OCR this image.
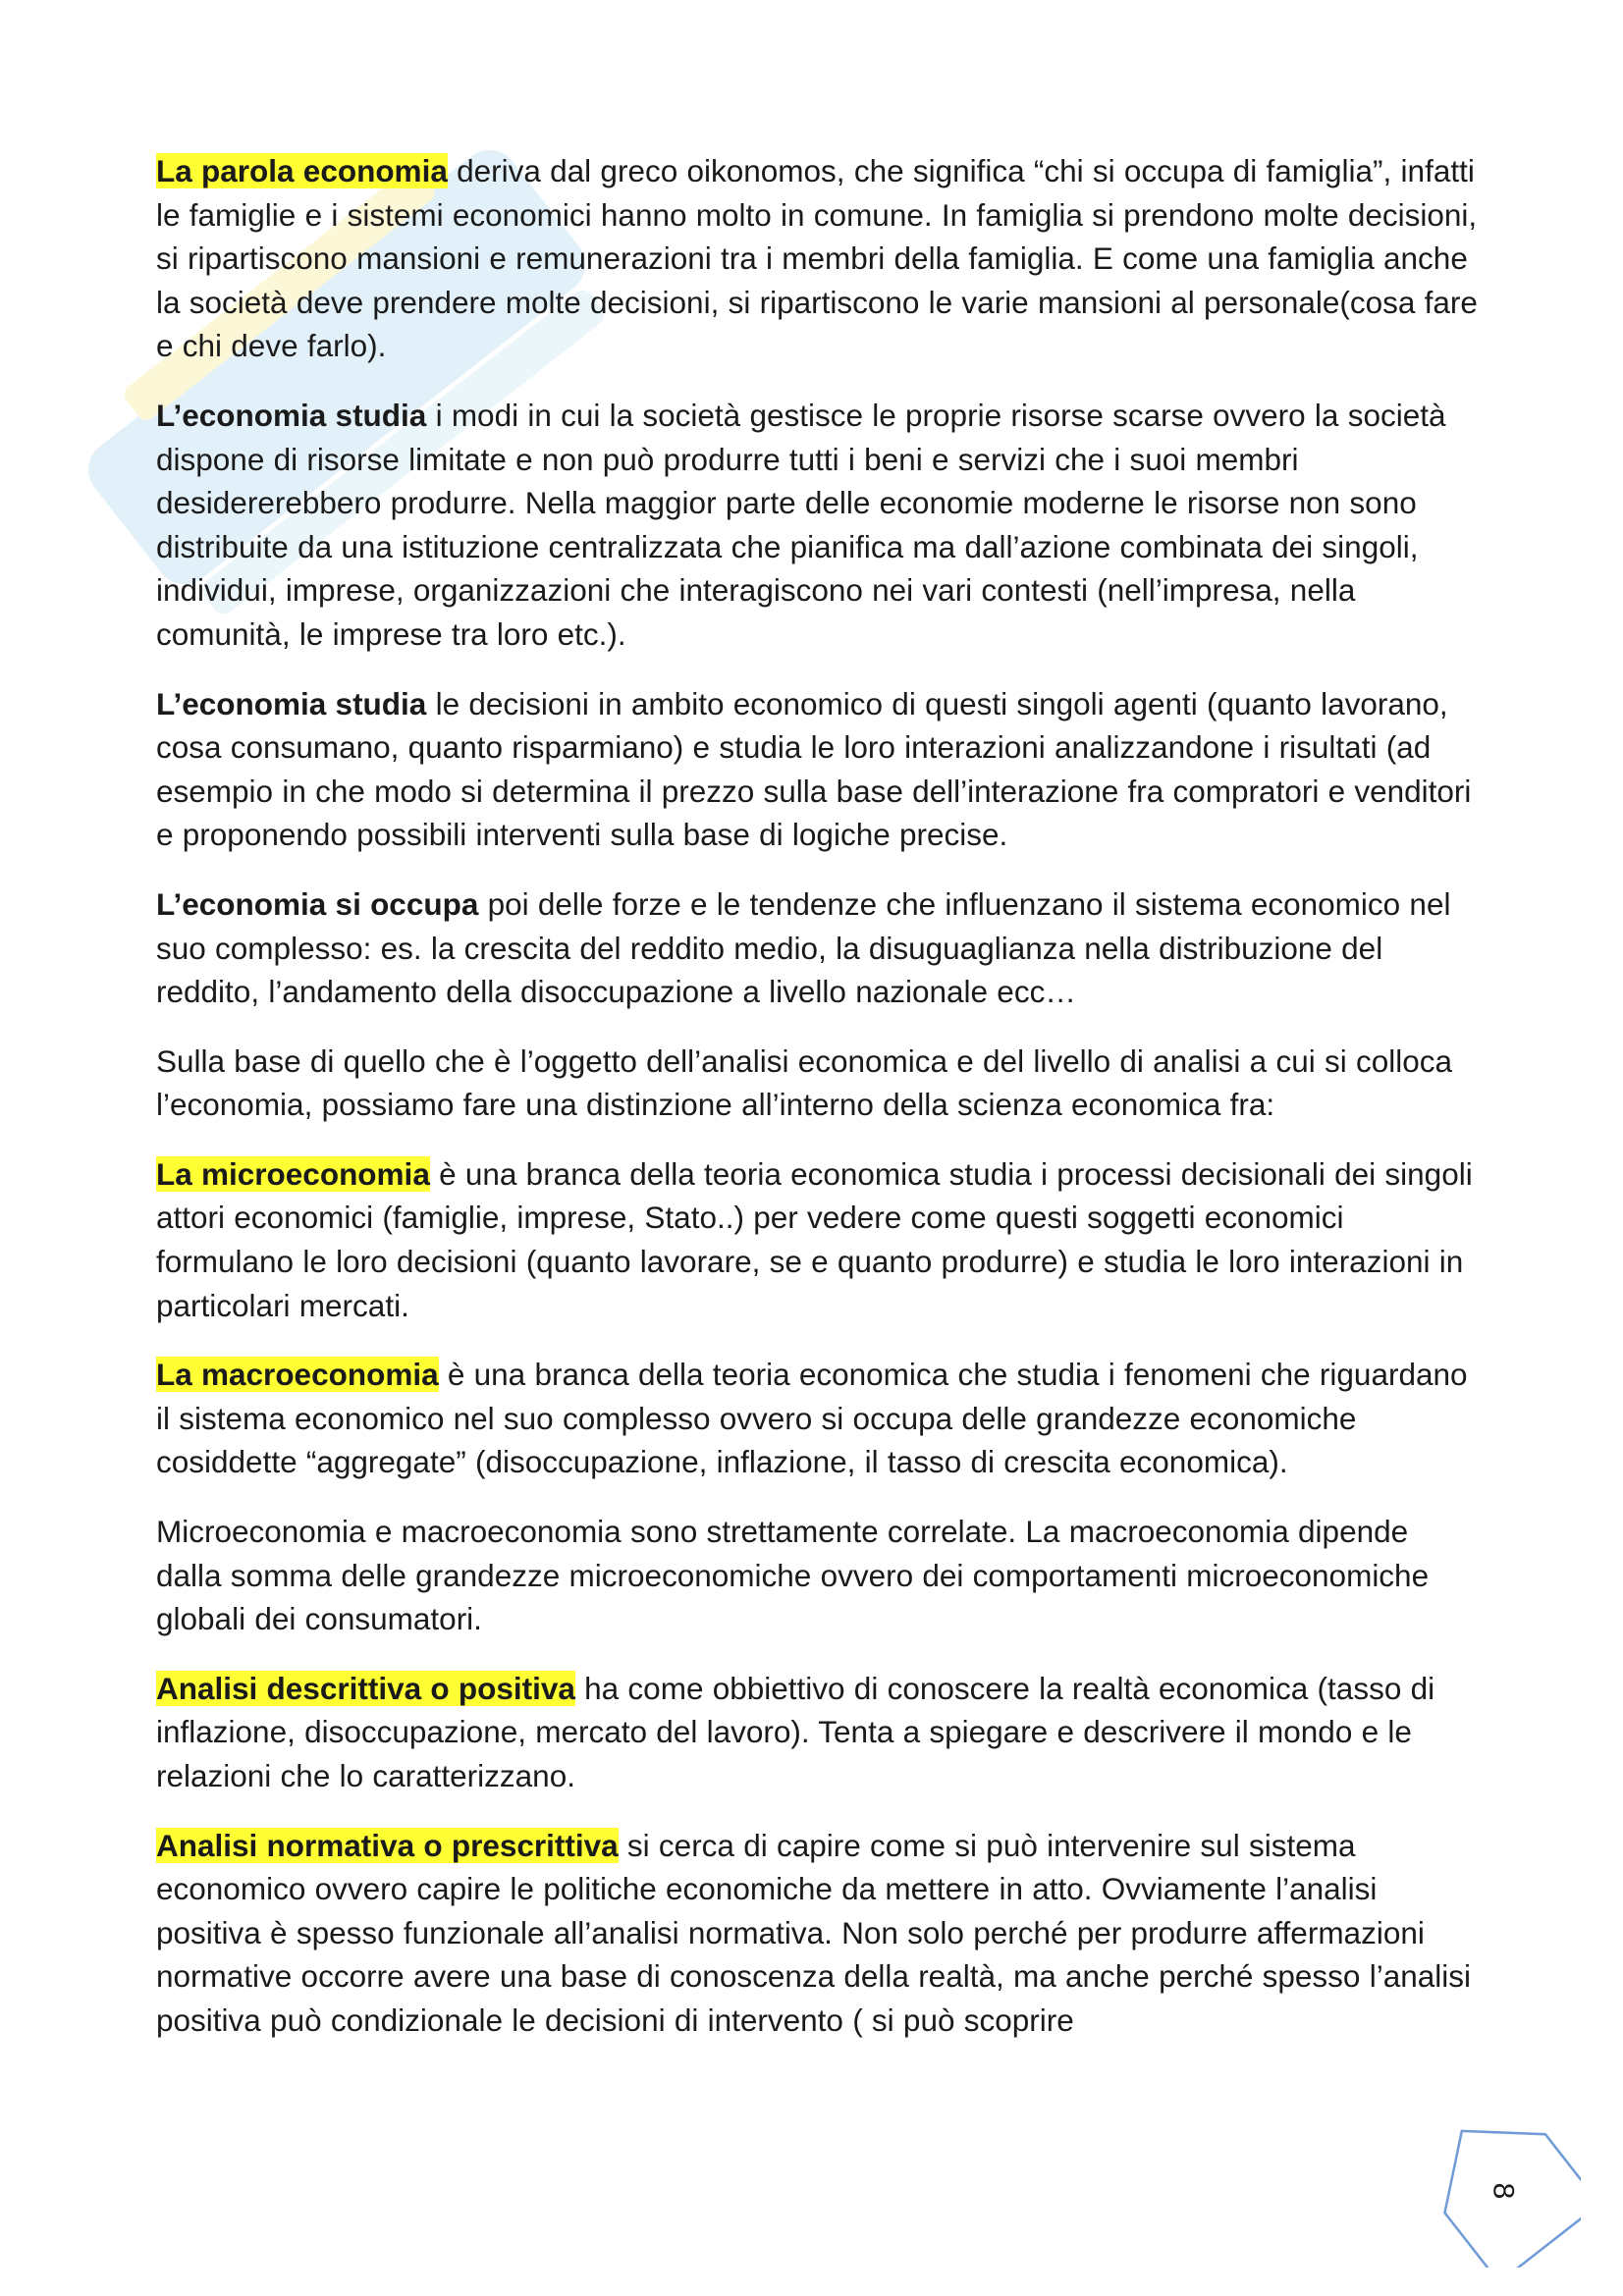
La parola economia deriva dal greco oikonomos, che significa “chi si occupa di famiglia”, infatti le famiglie e i sistemi economici hanno molto in comune. In famiglia si prendono molte decisioni, si ripartiscono mansioni e remunerazioni tra i membri della famiglia. E come una famiglia anche la società deve prendere molte decisioni, si ripartiscono le varie mansioni al personale(cosa fare e chi deve farlo).

L’economia studia i modi in cui la società gestisce le proprie risorse scarse ovvero la società dispone di risorse limitate e non può produrre tutti i beni e servizi che i suoi membri desidererebbero produrre. Nella maggior parte delle economie moderne le risorse non sono distribuite da una istituzione centralizzata che pianifica ma dall’azione combinata dei singoli, individui, imprese, organizzazioni che interagiscono nei vari contesti (nell’impresa, nella comunità, le imprese tra loro etc.).

L’economia studia le decisioni in ambito economico di questi singoli agenti (quanto lavorano, cosa consumano, quanto risparmiano) e studia le loro interazioni analizzandone i risultati (ad esempio in che modo si determina il prezzo sulla base dell’interazione fra compratori e venditori e proponendo possibili interventi sulla base di logiche precise.

L’economia si occupa poi delle forze e le tendenze che influenzano il sistema economico nel suo complesso: es. la crescita del reddito medio, la disuguaglianza nella distribuzione del reddito, l’andamento della disoccupazione a livello nazionale ecc…

Sulla base di quello che è l’oggetto dell’analisi economica e del livello di analisi a cui si colloca l’economia, possiamo fare una distinzione all’interno della scienza economica fra:

La microeconomia è una branca della teoria economica studia i processi decisionali dei singoli attori economici (famiglie, imprese, Stato..) per vedere come questi soggetti economici formulano le loro decisioni (quanto lavorare, se e quanto produrre) e studia le loro interazioni in particolari mercati.

La macroeconomia è una branca della teoria economica che studia i fenomeni che riguardano il sistema economico nel suo complesso ovvero si occupa delle grandezze economiche cosiddette “aggregate” (disoccupazione, inflazione, il tasso di crescita economica).

Microeconomia e macroeconomia sono strettamente correlate. La macroeconomia dipende dalla somma delle grandezze microeconomiche ovvero dei comportamenti microeconomiche globali dei consumatori.

Analisi descrittiva o positiva ha come obbiettivo di conoscere la realtà economica (tasso di inflazione, disoccupazione, mercato del lavoro). Tenta a spiegare e descrivere il mondo e le relazioni che lo caratterizzano.

Analisi normativa o prescrittiva si cerca di capire come si può intervenire sul sistema economico ovvero capire le politiche economiche da mettere in atto. Ovviamente l’analisi positiva è spesso funzionale all’analisi normativa. Non solo perché per produrre affermazioni normative occorre avere una base di conoscenza della realtà, ma anche perché spesso l’analisi positiva può condizionale le decisioni di intervento ( si può scoprire

8
